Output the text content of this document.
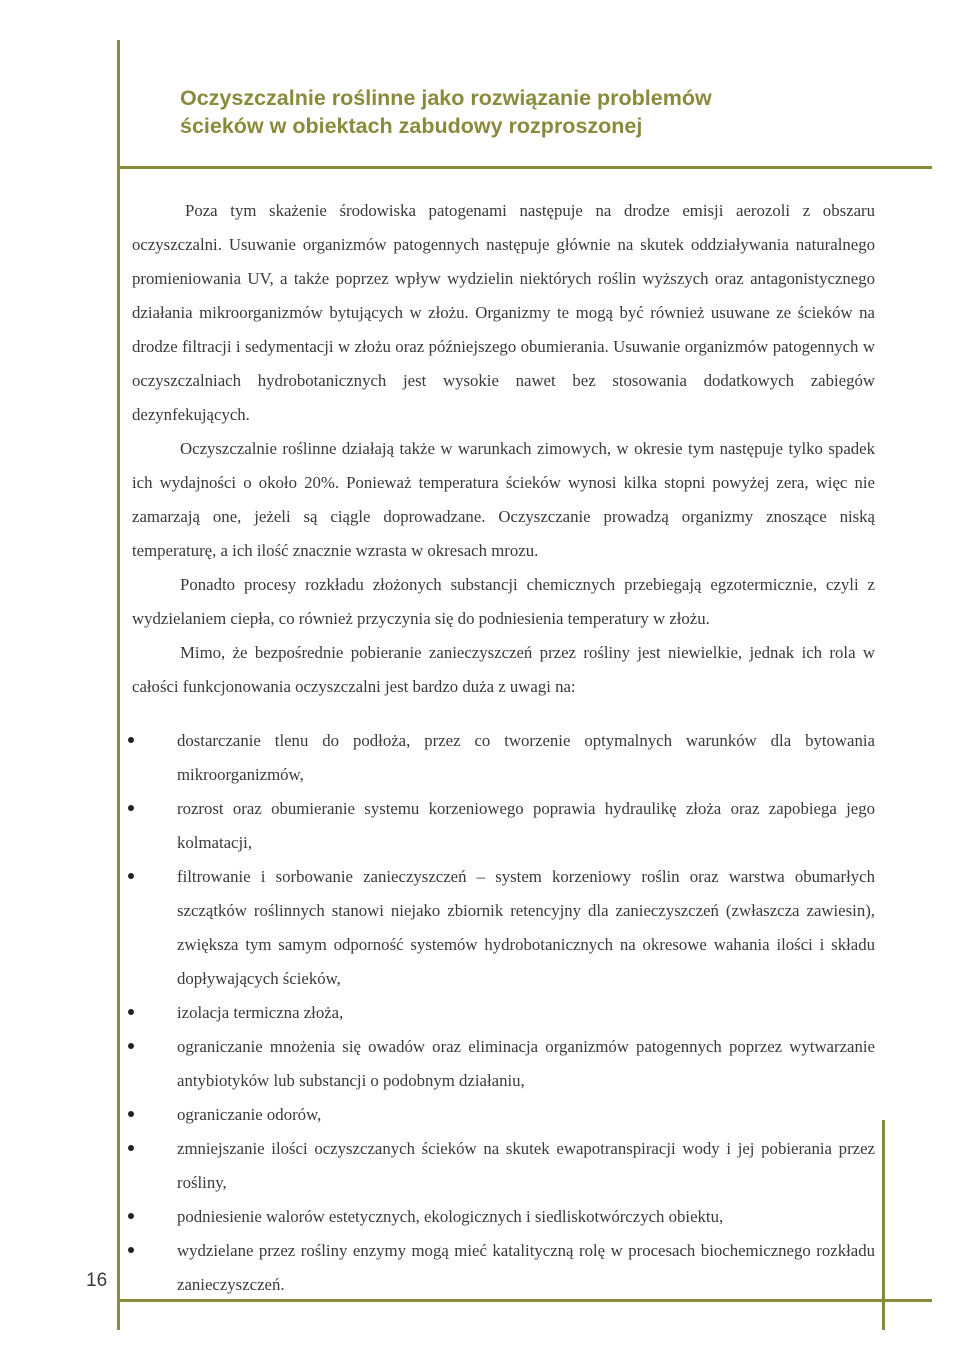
Oczyszczalnie roślinne jako rozwiązanie problemów
ścieków w obiektach zabudowy rozproszonej

Poza tym skażenie środowiska patogenami następuje na drodze emisji aerozoli z obszaru oczyszczalni. Usuwanie organizmów patogennych następuje głównie na skutek oddziaływania naturalnego promieniowania UV, a także poprzez wpływ wydzielin niektórych roślin wyższych oraz antagonistycznego działania mikroorganizmów bytujących w złożu. Organizmy te mogą być również usuwane ze ścieków na drodze filtracji i sedymentacji w złożu oraz późniejszego obumierania. Usuwanie organizmów patogennych w oczyszczalniach hydrobotanicznych jest wysokie nawet bez stosowania dodatkowych zabiegów dezynfekujących.

Oczyszczalnie roślinne działają także w warunkach zimowych, w okresie tym następuje tylko spadek ich wydajności o około 20%. Ponieważ temperatura ścieków wynosi kilka stopni powyżej zera, więc nie zamarzają one, jeżeli są ciągle doprowadzane. Oczyszczanie prowadzą organizmy znoszące niską temperaturę, a ich ilość znacznie wzrasta w okresach mrozu.

Ponadto procesy rozkładu złożonych substancji chemicznych przebiegają egzotermicznie, czyli z wydzielaniem ciepła, co również przyczynia się do podniesienia temperatury w złożu.

Mimo, że bezpośrednie pobieranie zanieczyszczeń przez rośliny jest niewielkie, jednak ich rola w całości funkcjonowania oczyszczalni jest bardzo duża z uwagi na:

dostarczanie tlenu do podłoża, przez co tworzenie optymalnych warunków dla bytowania mikroorganizmów,
rozrost oraz obumieranie systemu korzeniowego poprawia hydraulikę złoża oraz zapobiega jego kolmatacji,
filtrowanie i sorbowanie zanieczyszczeń – system korzeniowy roślin oraz warstwa obumarłych szczątków roślinnych stanowi niejako zbiornik retencyjny dla zanieczyszczeń (zwłaszcza zawiesin), zwiększa tym samym odporność systemów hydrobotanicznych na okresowe wahania ilości i składu dopływających ścieków,
izolacja termiczna złoża,
ograniczanie mnożenia się owadów oraz eliminacja organizmów patogennych poprzez wytwarzanie antybiotyków lub substancji o podobnym działaniu,
ograniczanie odorów,
zmniejszanie ilości oczyszczanych ścieków na skutek ewapotranspiracji wody i jej pobierania przez rośliny,
podniesienie walorów estetycznych, ekologicznych i siedliskotwórczych obiektu,
wydzielane przez rośliny enzymy mogą mieć katalityczną rolę w procesach biochemicznego rozkładu zanieczyszczeń.
16
